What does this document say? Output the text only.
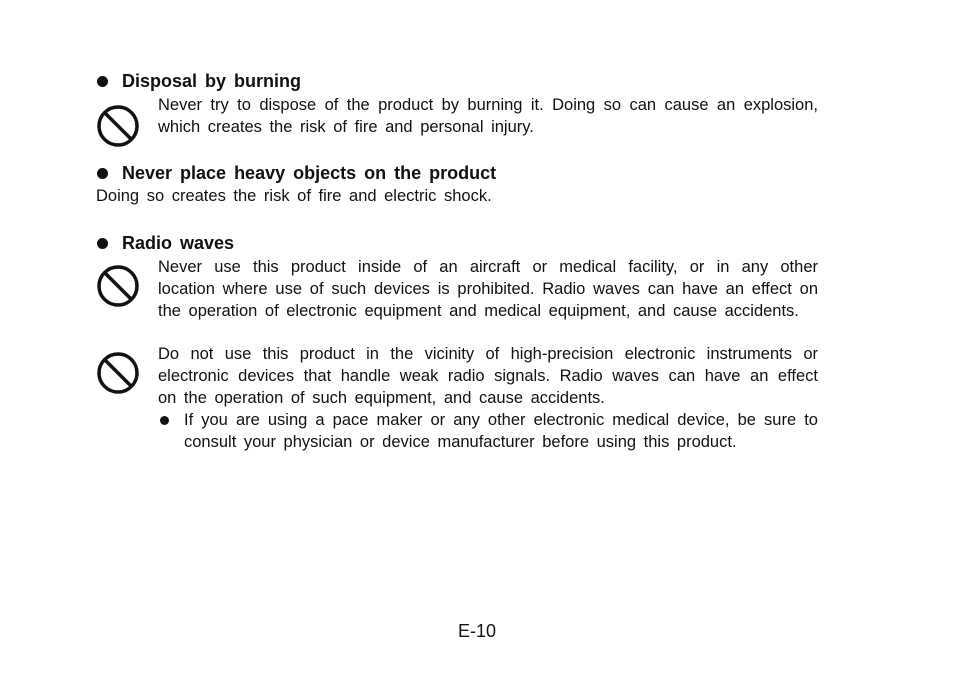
Disposal by burning
Never try to dispose of the product by burning it. Doing so can cause an explosion, which creates the risk of fire and personal injury.
Never place heavy objects on the product
Doing so creates the risk of fire and electric shock.
Radio waves
Never use this product inside of an aircraft or medical facility, or in any other location where use of such devices is prohibited. Radio waves can have an effect on the operation of electronic equipment and medical equipment, and cause accidents.
Do not use this product in the vicinity of high-precision electronic instruments or electronic devices that handle weak radio signals. Radio waves can have an effect on the operation of such equipment, and cause accidents.
If you are using a pace maker or any other electronic medical device, be sure to consult your physician or device manufacturer before using this product.
E-10
